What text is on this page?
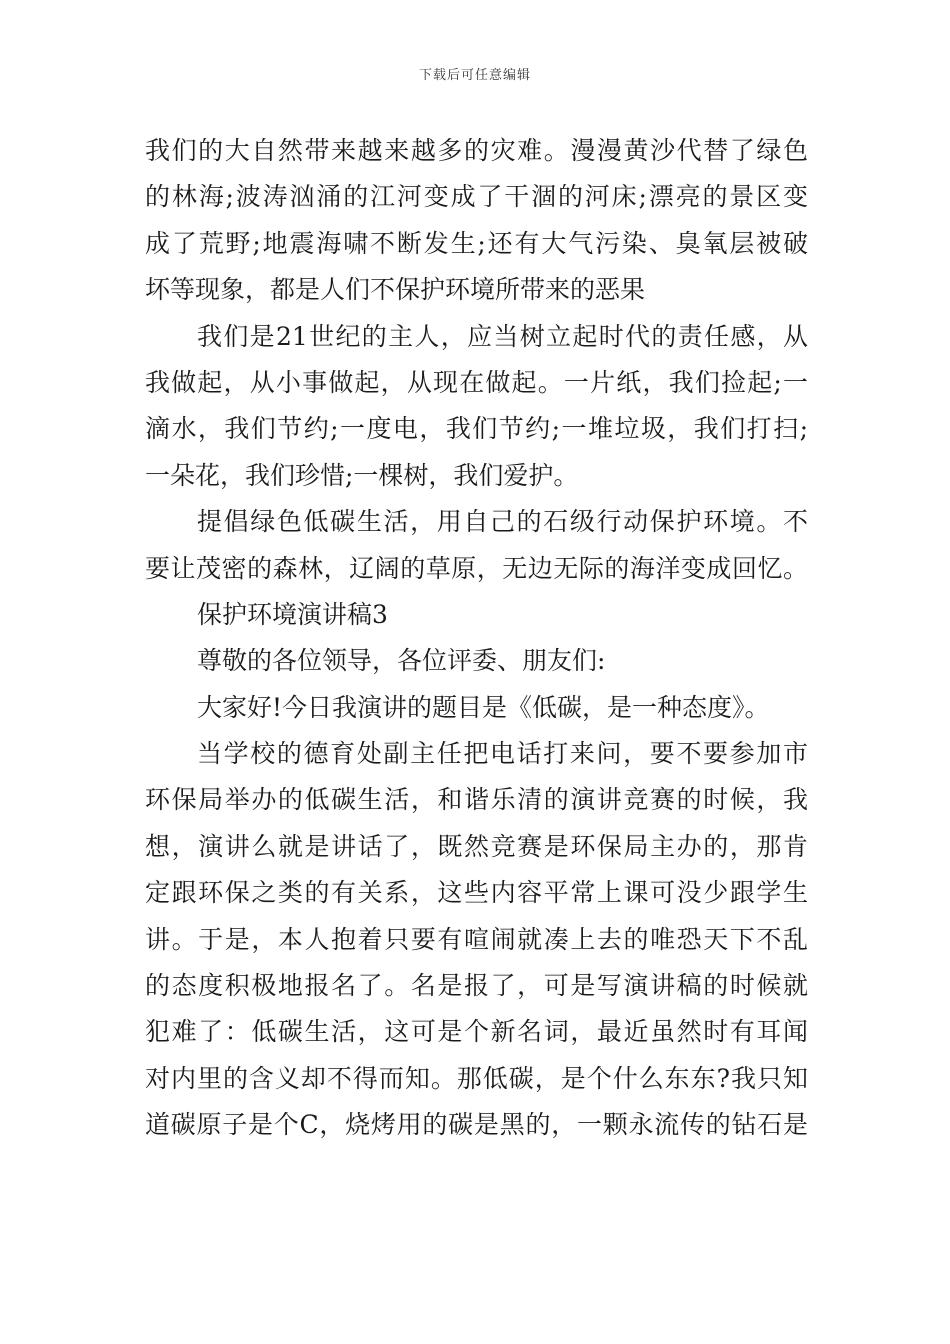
下载后可任意编辑
我们的大自然带来越来越多的灾难。漫漫黄沙代替了绿色
的林海;波涛汹涌的江河变成了干涸的河床;漂亮的景区变
成了荒野;地震海啸不断发生;还有大气污染、臭氧层被破
坏等现象，都是人们不保护环境所带来的恶果
我们是21世纪的主人，应当树立起时代的责任感，从
我做起，从小事做起，从现在做起。一片纸，我们捡起;一
滴水，我们节约;一度电，我们节约;一堆垃圾，我们打扫;
一朵花，我们珍惜;一棵树，我们爱护。
提倡绿色低碳生活，用自己的石级行动保护环境。不
要让茂密的森林，辽阔的草原，无边无际的海洋变成回忆。
保护环境演讲稿3
尊敬的各位领导，各位评委、朋友们:
大家好!今日我演讲的题目是《低碳，是一种态度》。
当学校的德育处副主任把电话打来问，要不要参加市
环保局举办的低碳生活，和谐乐清的演讲竞赛的时候，我
想，演讲么就是讲话了，既然竞赛是环保局主办的，那肯
定跟环保之类的有关系，这些内容平常上课可没少跟学生
讲。于是，本人抱着只要有喧闹就凑上去的唯恐天下不乱
的态度积极地报名了。名是报了，可是写演讲稿的时候就
犯难了：低碳生活，这可是个新名词，最近虽然时有耳闻
对内里的含义却不得而知。那低碳，是个什么东东?我只知
道碳原子是个C，烧烤用的碳是黑的，一颗永流传的钻石是
